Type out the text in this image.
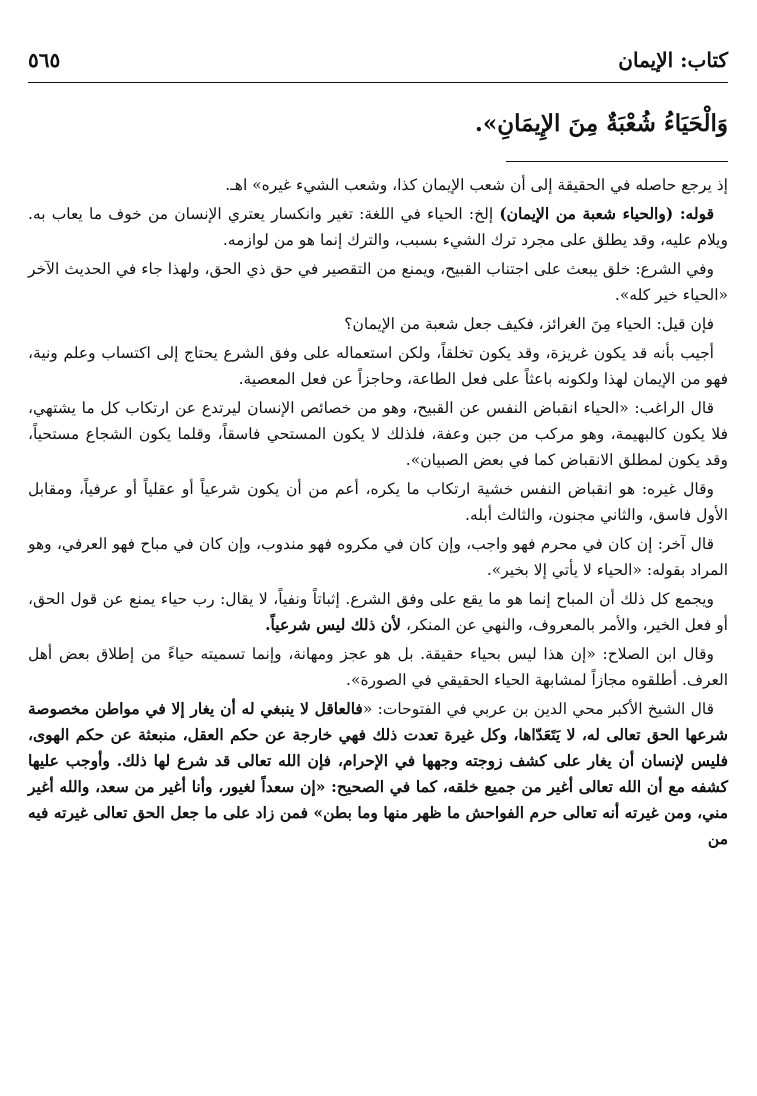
كتاب: الإيمان
٥٦٥
وَالْحَيَاءُ شُعْبَةٌ مِنَ الإِيمَانِ».

إذ يرجع حاصله في الحقيقة إلى أن شعب الإيمان كذا، وشعب الشيء غيره» اهـ.

قوله: (والحياء شعبة من الإيمان) إلخ: الحياء في اللغة: تغير وانكسار يعتري الإنسان من خوف ما يعاب به. ويلام عليه، وقد يطلق على مجرد ترك الشيء بسبب، والترك إنما هو من لوازمه.

وفي الشرع: خلق يبعث على اجتناب القبيح، ويمنع من التقصير في حق ذي الحق، ولهذا جاء في الحديث الآخر «الحياء خير كله».

فإن قيل: الحياء مِنَ الغرائز، فكيف جعل شعبة من الإيمان؟

أجيب بأنه قد يكون غريزة، وقد يكون تخلقاً، ولكن استعماله على وفق الشرع يحتاج إلى اكتساب وعلم ونية، فهو من الإيمان لهذا ولكونه باعثاً على فعل الطاعة، وحاجزاً عن فعل المعصية.

قال الراغب: «الحياء انقباض النفس عن القبيح، وهو من خصائص الإنسان ليرتدع عن ارتكاب كل ما يشتهي، فلا يكون كالبهيمة، وهو مركب من جبن وعفة، فلذلك لا يكون المستحي فاسقاً، وقلما يكون الشجاع مستحياً، وقد يكون لمطلق الانقباض كما في بعض الصبيان».

وقال غيره: هو انقباض النفس خشية ارتكاب ما يكره، أعم من أن يكون شرعياً أو عقلياً أو عرفياً، ومقابل الأول فاسق، والثاني مجنون، والثالث أبله.

قال آخر: إن كان في محرم فهو واجب، وإن كان في مكروه فهو مندوب، وإن كان في مباح فهو العرفي، وهو المراد بقوله: «الحياء لا يأتي إلا بخير».

ويجمع كل ذلك أن المباح إنما هو ما يقع على وفق الشرع. إثباتاً ونفياً، لا يقال: رب حياء يمنع عن قول الحق، أو فعل الخير، والأمر بالمعروف، والنهي عن المنكر، لأن ذلك ليس شرعياً.

وقال ابن الصلاح: «إن هذا ليس بحياء حقيقة. بل هو عجز ومهانة، وإنما تسميته حياءً من إطلاق بعض أهل العرف. أطلقوه مجازاً لمشابهة الحياء الحقيقي في الصورة».

قال الشيخ الأكبر محي الدين بن عربي في الفتوحات: «فالعاقل لا ينبغي له أن يغار إلا في مواطن مخصوصة شرعها الحق تعالى له، لا يَتَعَدّاها، وكل غيرة تعدت ذلك فهي خارجة عن حكم العقل، منبعثة عن حكم الهوى، فليس لإنسان أن يغار على كشف زوجته وجهها في الإحرام، فإن الله تعالى قد شرع لها ذلك. وأوجب عليها كشفه مع أن الله تعالى أغير من جميع خلقه، كما في الصحيح: «إن سعداً لغيور، وأنا أغير من سعد، والله أغير مني، ومن غيرته أنه تعالى حرم الفواحش ما ظهر منها وما بطن» فمن زاد على ما جعل الحق تعالى غيرته فيه من
